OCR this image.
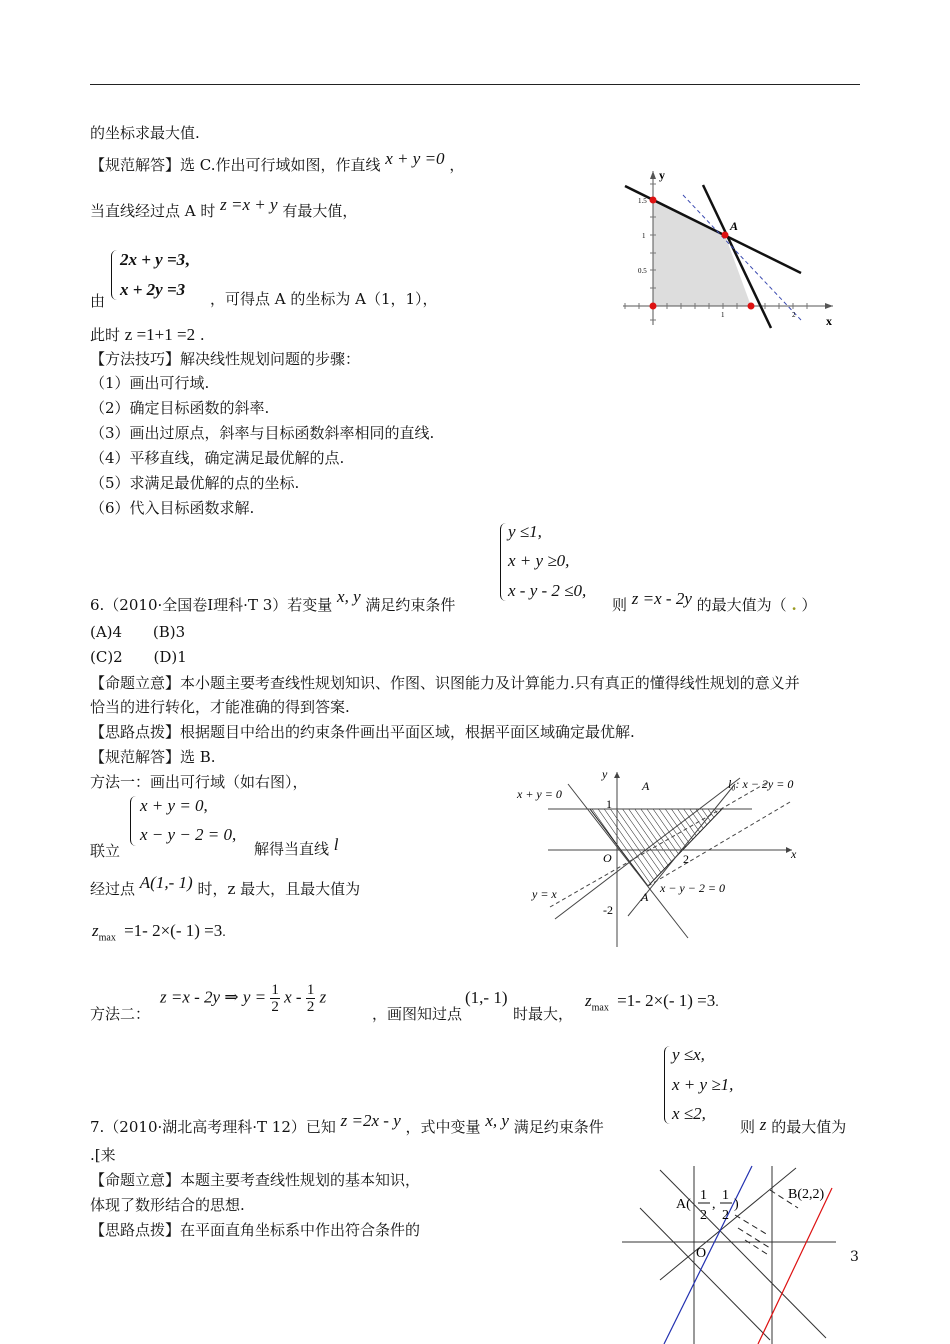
的坐标求最大值.
【规范解答】选 C.作出可行域如图，作直线 x + y =0 ，
当直线经过点 A 时 z =x + y 有最大值，
2x + y =3,
x + 2y =3
由	，可得点 A 的坐标为 A（1，1），
此时 z =1+1 =2 .
【方法技巧】解决线性规划问题的步骤：
（1）画出可行域.
（2）确定目标函数的斜率.
（3）画出过原点，斜率与目标函数斜率相同的直线.
（4）平移直线，确定满足最优解的点.
（5）求满足最优解的点的坐标.
（6）代入目标函数求解.
y
x
1.5
1
0.5
1	2
A
y ≤1,
x + y ≥0,
x - y - 2 ≤0,
6.（2010·全国卷Ⅰ理科·T 3）若变量 x, y 满足约束条件	则 z =x - 2y 的最大值为（ . ）
(A)4 (B)3
(C)2 (D)1
【命题立意】本小题主要考查线性规划知识、作图、识图能力及计算能力.只有真正的懂得线性规划的意义并
恰当的进行转化，才能准确的得到答案.
【思路点拨】根据题目中给出的约束条件画出平面区域，根据平面区域确定最优解.
【规范解答】选 B.
方法一：画出可行域（如右图），
x + y = 0,
x − y − 2 = 0,
联立	解得当直线 l
经过点 A(1,- 1) 时，z 最大，且最大值为
$z_{max} =1-$ 2×(- 1) =3.
方法二：
z =x - 2y ⇒ $y = \frac{1}{2}$ x - $\frac{1}{2}$ z
，画图知过点
(1,- 1)
时最大，
$z_{max} =1-$ 2×(- 1) =3.
y
x
A
A
O
x + y = 0
l₀: x − 2y = 0
y = x	x − y − 2 = 0
1
2
-2
y ≤x,
x + y ≥1,
x ≤2,
7.（2010·湖北高考理科·T 12）已知 z =2x - y ，式中变量 x, y 满足约束条件	则 z 的最大值为
.[来
【命题立意】本题主要考查线性规划的基本知识，
体现了数形结合的思想.
【思路点拨】在平面直角坐标系中作出符合条件的
A(
1
2
,
1
2
)
B(2,2)
O	3
